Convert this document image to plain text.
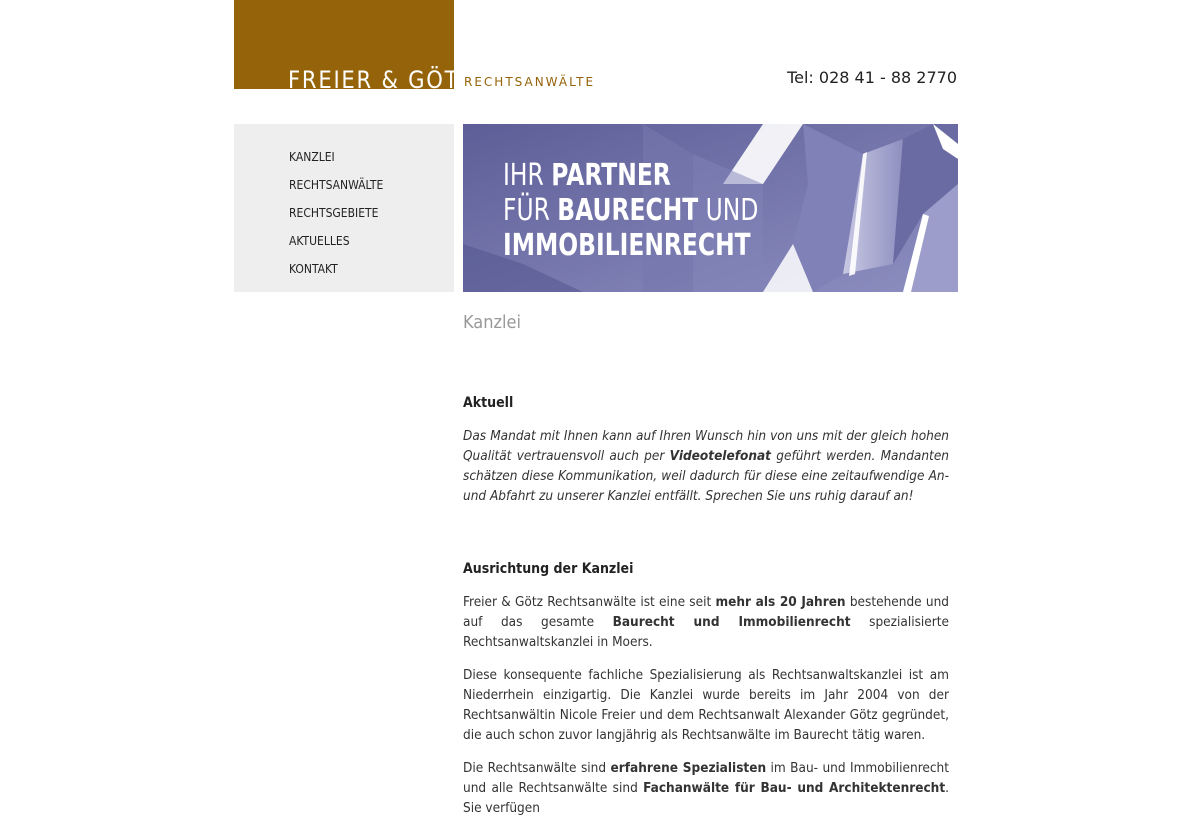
FREIER & GÖTZ
RECHTSANWÄLTE	Tel: 028 41 - 88 2770
KANZLEI
RECHTSANWÄLTE
RECHTSGEBIETE
AKTUELLES
KONTAKT
IHR PARTNER
FÜR BAURECHT UND
IMMOBILIENRECHT
Kanzlei
Aktuell

Das Mandat mit Ihnen kann auf Ihren Wunsch hin von uns mit der gleich hohen Qualität vertrauensvoll auch per Videotelefonat geführt werden. Mandanten schätzen diese Kommunikation, weil dadurch für diese eine zeitaufwendige An- und Abfahrt zu unserer Kanzlei entfällt. Sprechen Sie uns ruhig darauf an!

Ausrichtung der Kanzlei

Freier & Götz Rechtsanwälte ist eine seit mehr als 20 Jahren bestehende und auf das gesamte Baurecht und Immobilienrecht spezialisierte Rechtsanwaltskanzlei in Moers.

Diese konsequente fachliche Spezialisierung als Rechtsanwaltskanzlei ist am Niederrhein einzigartig. Die Kanzlei wurde bereits im Jahr 2004 von der Rechtsanwältin Nicole Freier und dem Rechtsanwalt Alexander Götz gegründet, die auch schon zuvor langjährig als Rechtsanwälte im Baurecht tätig waren.

Die Rechtsanwälte sind erfahrene Spezialisten im Bau- und Immobilienrecht und alle Rechtsanwälte sind Fachanwälte für Bau- und Architektenrecht. Sie verfügen
